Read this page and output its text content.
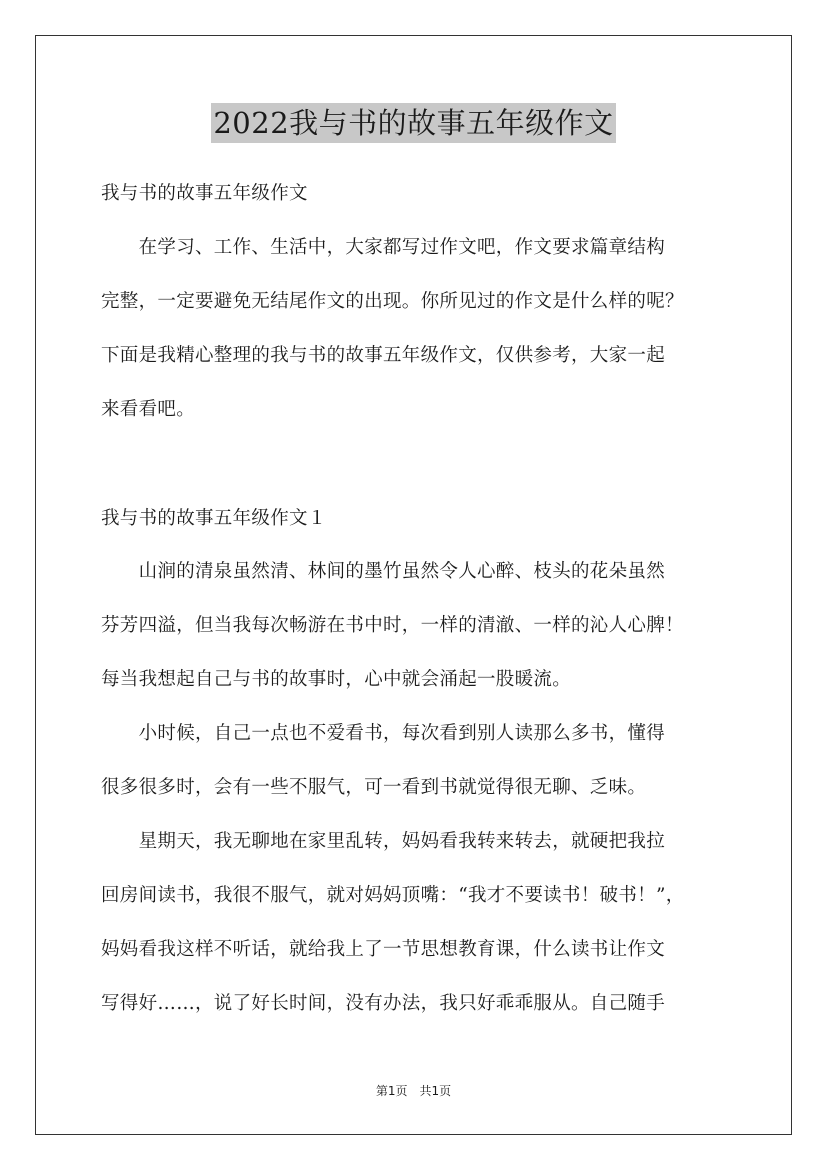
2022我与书的故事五年级作文

我与书的故事五年级作文

　　在学习、工作、生活中，大家都写过作文吧，作文要求篇章结构

完整，一定要避免无结尾作文的出现。你所见过的作文是什么样的呢？

下面是我精心整理的我与书的故事五年级作文，仅供参考，大家一起

来看看吧。

我与书的故事五年级作文１

　　山涧的清泉虽然清、林间的墨竹虽然令人心醉、枝头的花朵虽然

芬芳四溢，但当我每次畅游在书中时，一样的清澈、一样的沁人心脾！

每当我想起自己与书的故事时，心中就会涌起一股暖流。

　　小时候，自己一点也不爱看书，每次看到别人读那么多书，懂得

很多很多时，会有一些不服气，可一看到书就觉得很无聊、乏味。

　　星期天，我无聊地在家里乱转，妈妈看我转来转去，就硬把我拉

回房间读书，我很不服气，就对妈妈顶嘴：“我才不要读书！破书！”，

妈妈看我这样不听话，就给我上了一节思想教育课，什么读书让作文

写得好……，说了好长时间，没有办法，我只好乖乖服从。自己随手

第1页　共1页
